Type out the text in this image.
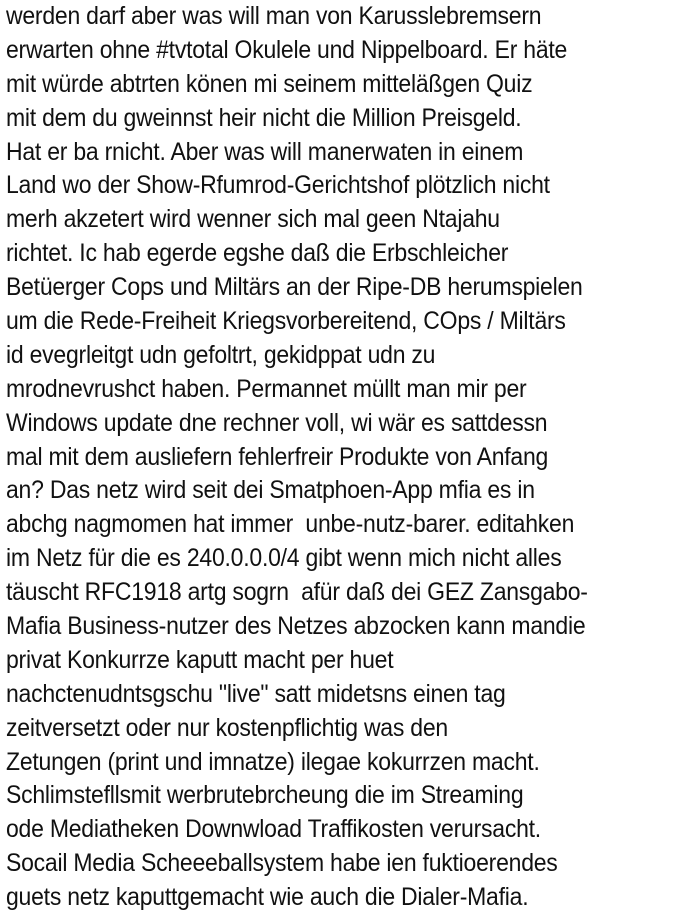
werden darf aber was will man von Karusslebremsern
erwarten ohne #tvtotal Okulele und Nippelboard. Er häte
mit würde abtrten könen mi seinem mitteläßgen Quiz
mit dem du gweinnst heir nicht die Million Preisgeld.
Hat er ba rnicht. Aber was will manerwaten in einem
Land wo der Show-Rfumrod-Gerichtshof plötzlich nicht
merh akzetert wird wenner sich mal geen Ntajahu
richtet. Ic hab egerde egshe daß die Erbschleicher
Betüerger Cops und Miltärs an der Ripe-DB herumspielen
um die Rede-Freiheit Kriegsvorbereitend, COps / Miltärs
id evegrleitgt udn gefoltrt, gekidppat udn zu
mrodnevrushct haben. Permannet müllt man mir per
Windows update dne rechner voll, wi wär es sattdessn
mal mit dem ausliefern fehlerfreir Produkte von Anfang
an? Das netz wird seit dei Smatphoen-App mfia es in
abchg nagmomen hat immer  unbe-nutz-barer. editahken
im Netz für die es 240.0.0.0/4 gibt wenn mich nicht alles
täuscht RFC1918 artg sogrn  afür daß dei GEZ Zansgabo-
Mafia Business-nutzer des Netzes abzocken kann mandie
privat Konkurrze kaputt macht per huet
nachctenudntsgschu "live" satt midetsns einen tag
zeitversetzt oder nur kostenpflichtig was den
Zetungen (print und imnatze) ilegae kokurrzen macht.
Schlimstefllsmit werbrutebrcheung die im Streaming
ode Mediatheken Downwload Traffikosten verursacht.
Socail Media Scheeeballsystem habe ien fuktioerendes
guets netz kaputtgemacht wie auch die Dialer-Mafia.
